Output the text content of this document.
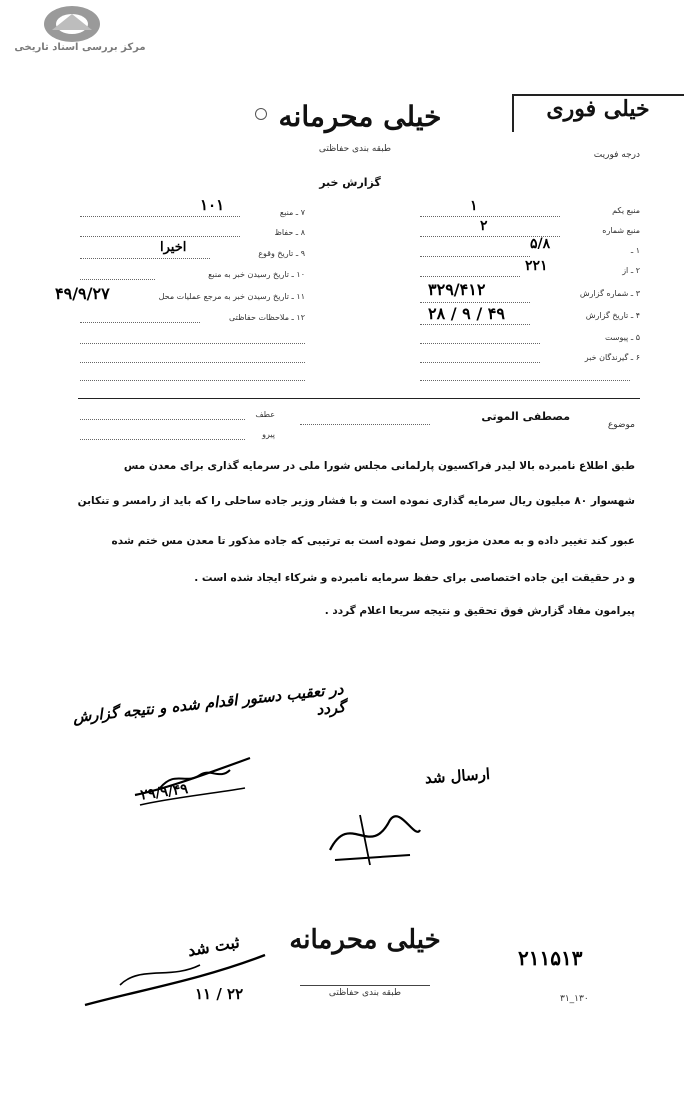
مرکز بررسی اسناد تاریخی
خیلی محرمانه
طبقه بندی حفاظتی
گزارش خبر
خیلی فوری
درجه فوریت
منبع یکم
۱
منبع شماره
۲
۱ ـ
۵/۸
۲ ـ از
۲۲۱
۳ ـ شماره گزارش
۳۲۹/۴۱۲
۴ ـ تاریخ گزارش
۲۸ / ۹ / ۴۹
۵ ـ پیوست
۶ ـ گیرندگان خبر
۷ ـ منبع
۱۰۱
۸ ـ حفاظ
۹ ـ تاریخ وقوع
اخیرا
۱۰ ـ تاریخ رسیدن خبر به منبع
۱۱ ـ تاریخ رسیدن خبر به مرجع عملیات محل
۴۹/۹/۲۷
۱۲ ـ ملاحظات حفاظتی
موضوع
مصطفی الموتی
عطف
پیرو
طبق اطلاع نامبرده بالا لیدر فراکسیون پارلمانی مجلس شورا ملی در سرمایه گذاری برای معدن مس
شهسوار ۸۰ میلیون ریال سرمایه گذاری نموده است و با فشار وزیر جاده ساحلی را که باید از رامسر و تنکابن
عبور کند تغییر داده و به معدن مزبور وصل نموده است به ترتیبی که جاده مذکور تا معدن مس ختم شده
و در حقیقت این جاده اختصاصی برای حفظ سرمایه نامبرده و شرکاء ایجاد شده است .
پیرامون مفاد گزارش فوق تحقیق و نتیجه سریعا اعلام گردد .
در تعقیب دستور اقدام شده و نتیجه گزارش گردد
۲۹/۹/۴۹
ارسال شد
ثبت شد
۱۱ / ۲۲
خیلی محرمانه
طبقه بندی حفاظتی
۲۱۱۵۱۳
۳۱_۱۳۰
